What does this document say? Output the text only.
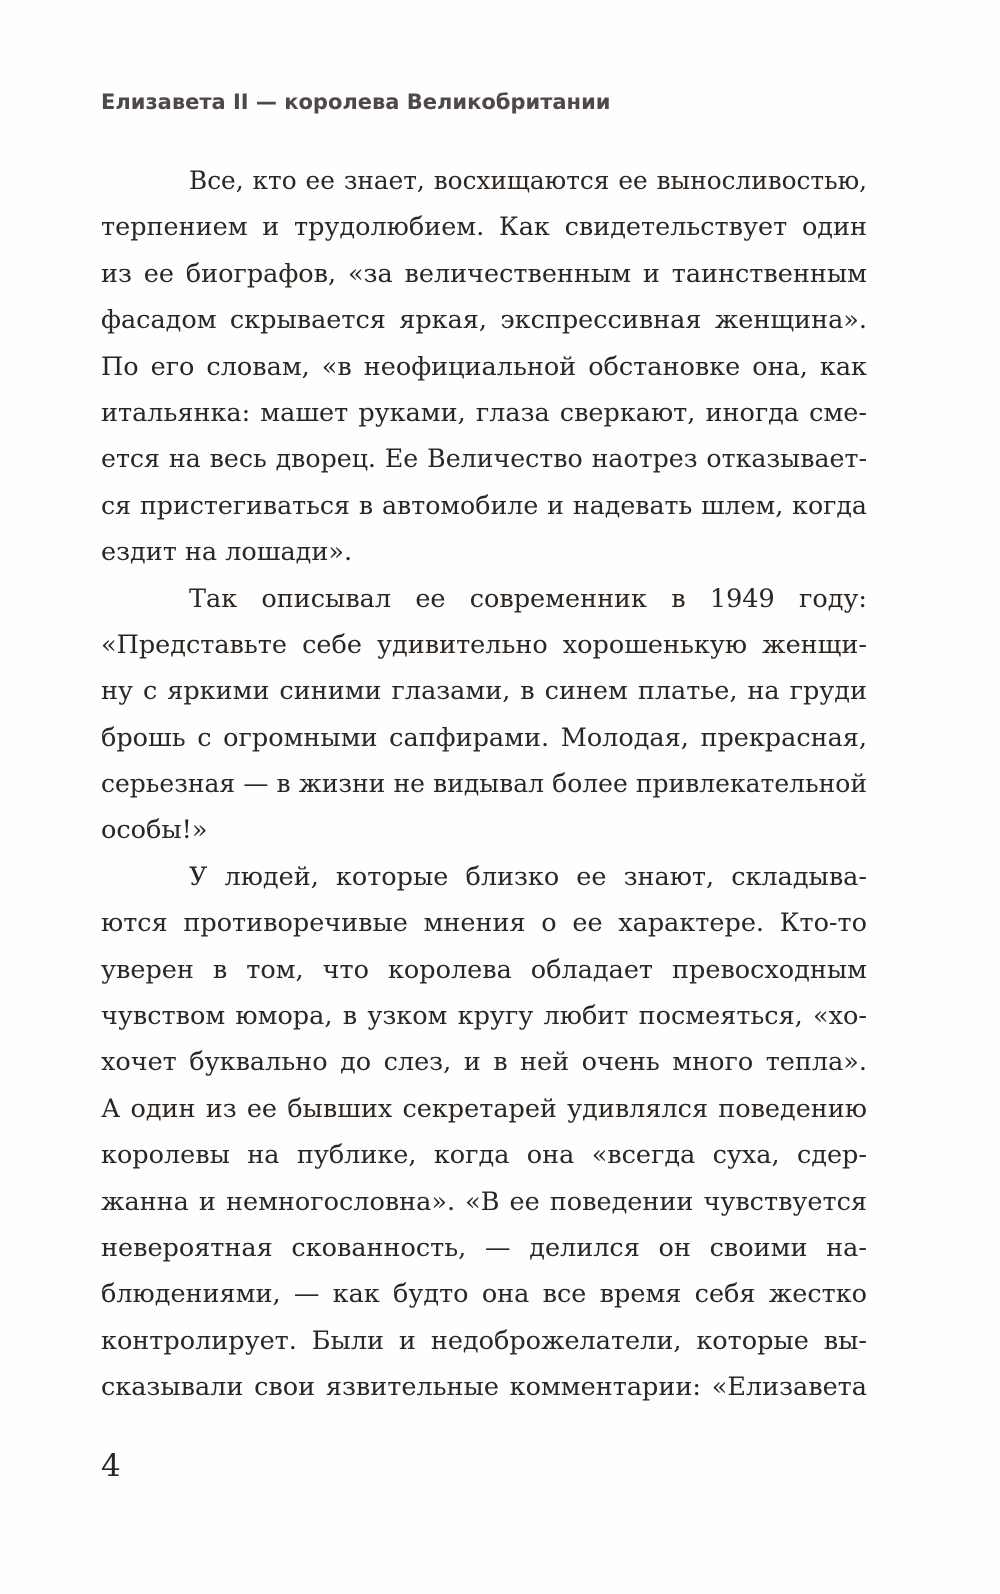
Елизавета II — королева Великобритании
Все, кто ее знает, восхищаются ее выносливостью,
терпением и трудолюбием. Как свидетельствует один
из ее биографов, «за величественным и таинственным
фасадом скрывается яркая, экспрессивная женщина».
По его словам, «в неофициальной обстановке она, как
итальянка: машет руками, глаза сверкают, иногда сме-
ется на весь дворец. Ее Величество наотрез отказывает-
ся пристегиваться в автомобиле и надевать шлем, когда
ездит на лошади».
Так описывал ее современник в 1949 году:
«Представьте себе удивительно хорошенькую женщи-
ну с яркими синими глазами, в синем платье, на груди
брошь с огромными сапфирами. Молодая, прекрасная,
серьезная — в жизни не видывал более привлекательной
особы!»
У людей, которые близко ее знают, складыва-
ются противоречивые мнения о ее характере. Кто-то
уверен в том, что королева обладает превосходным
чувством юмора, в узком кругу любит посмеяться, «хо-
хочет буквально до слез, и в ней очень много тепла».
А один из ее бывших секретарей удивлялся поведению
королевы на публике, когда она «всегда суха, сдер-
жанна и немногословна». «В ее поведении чувствуется
невероятная скованность, — делился он своими на-
блюдениями, — как будто она все время себя жестко
контролирует. Были и недоброжелатели, которые вы-
сказывали свои язвительные комментарии: «Елизавета
4
